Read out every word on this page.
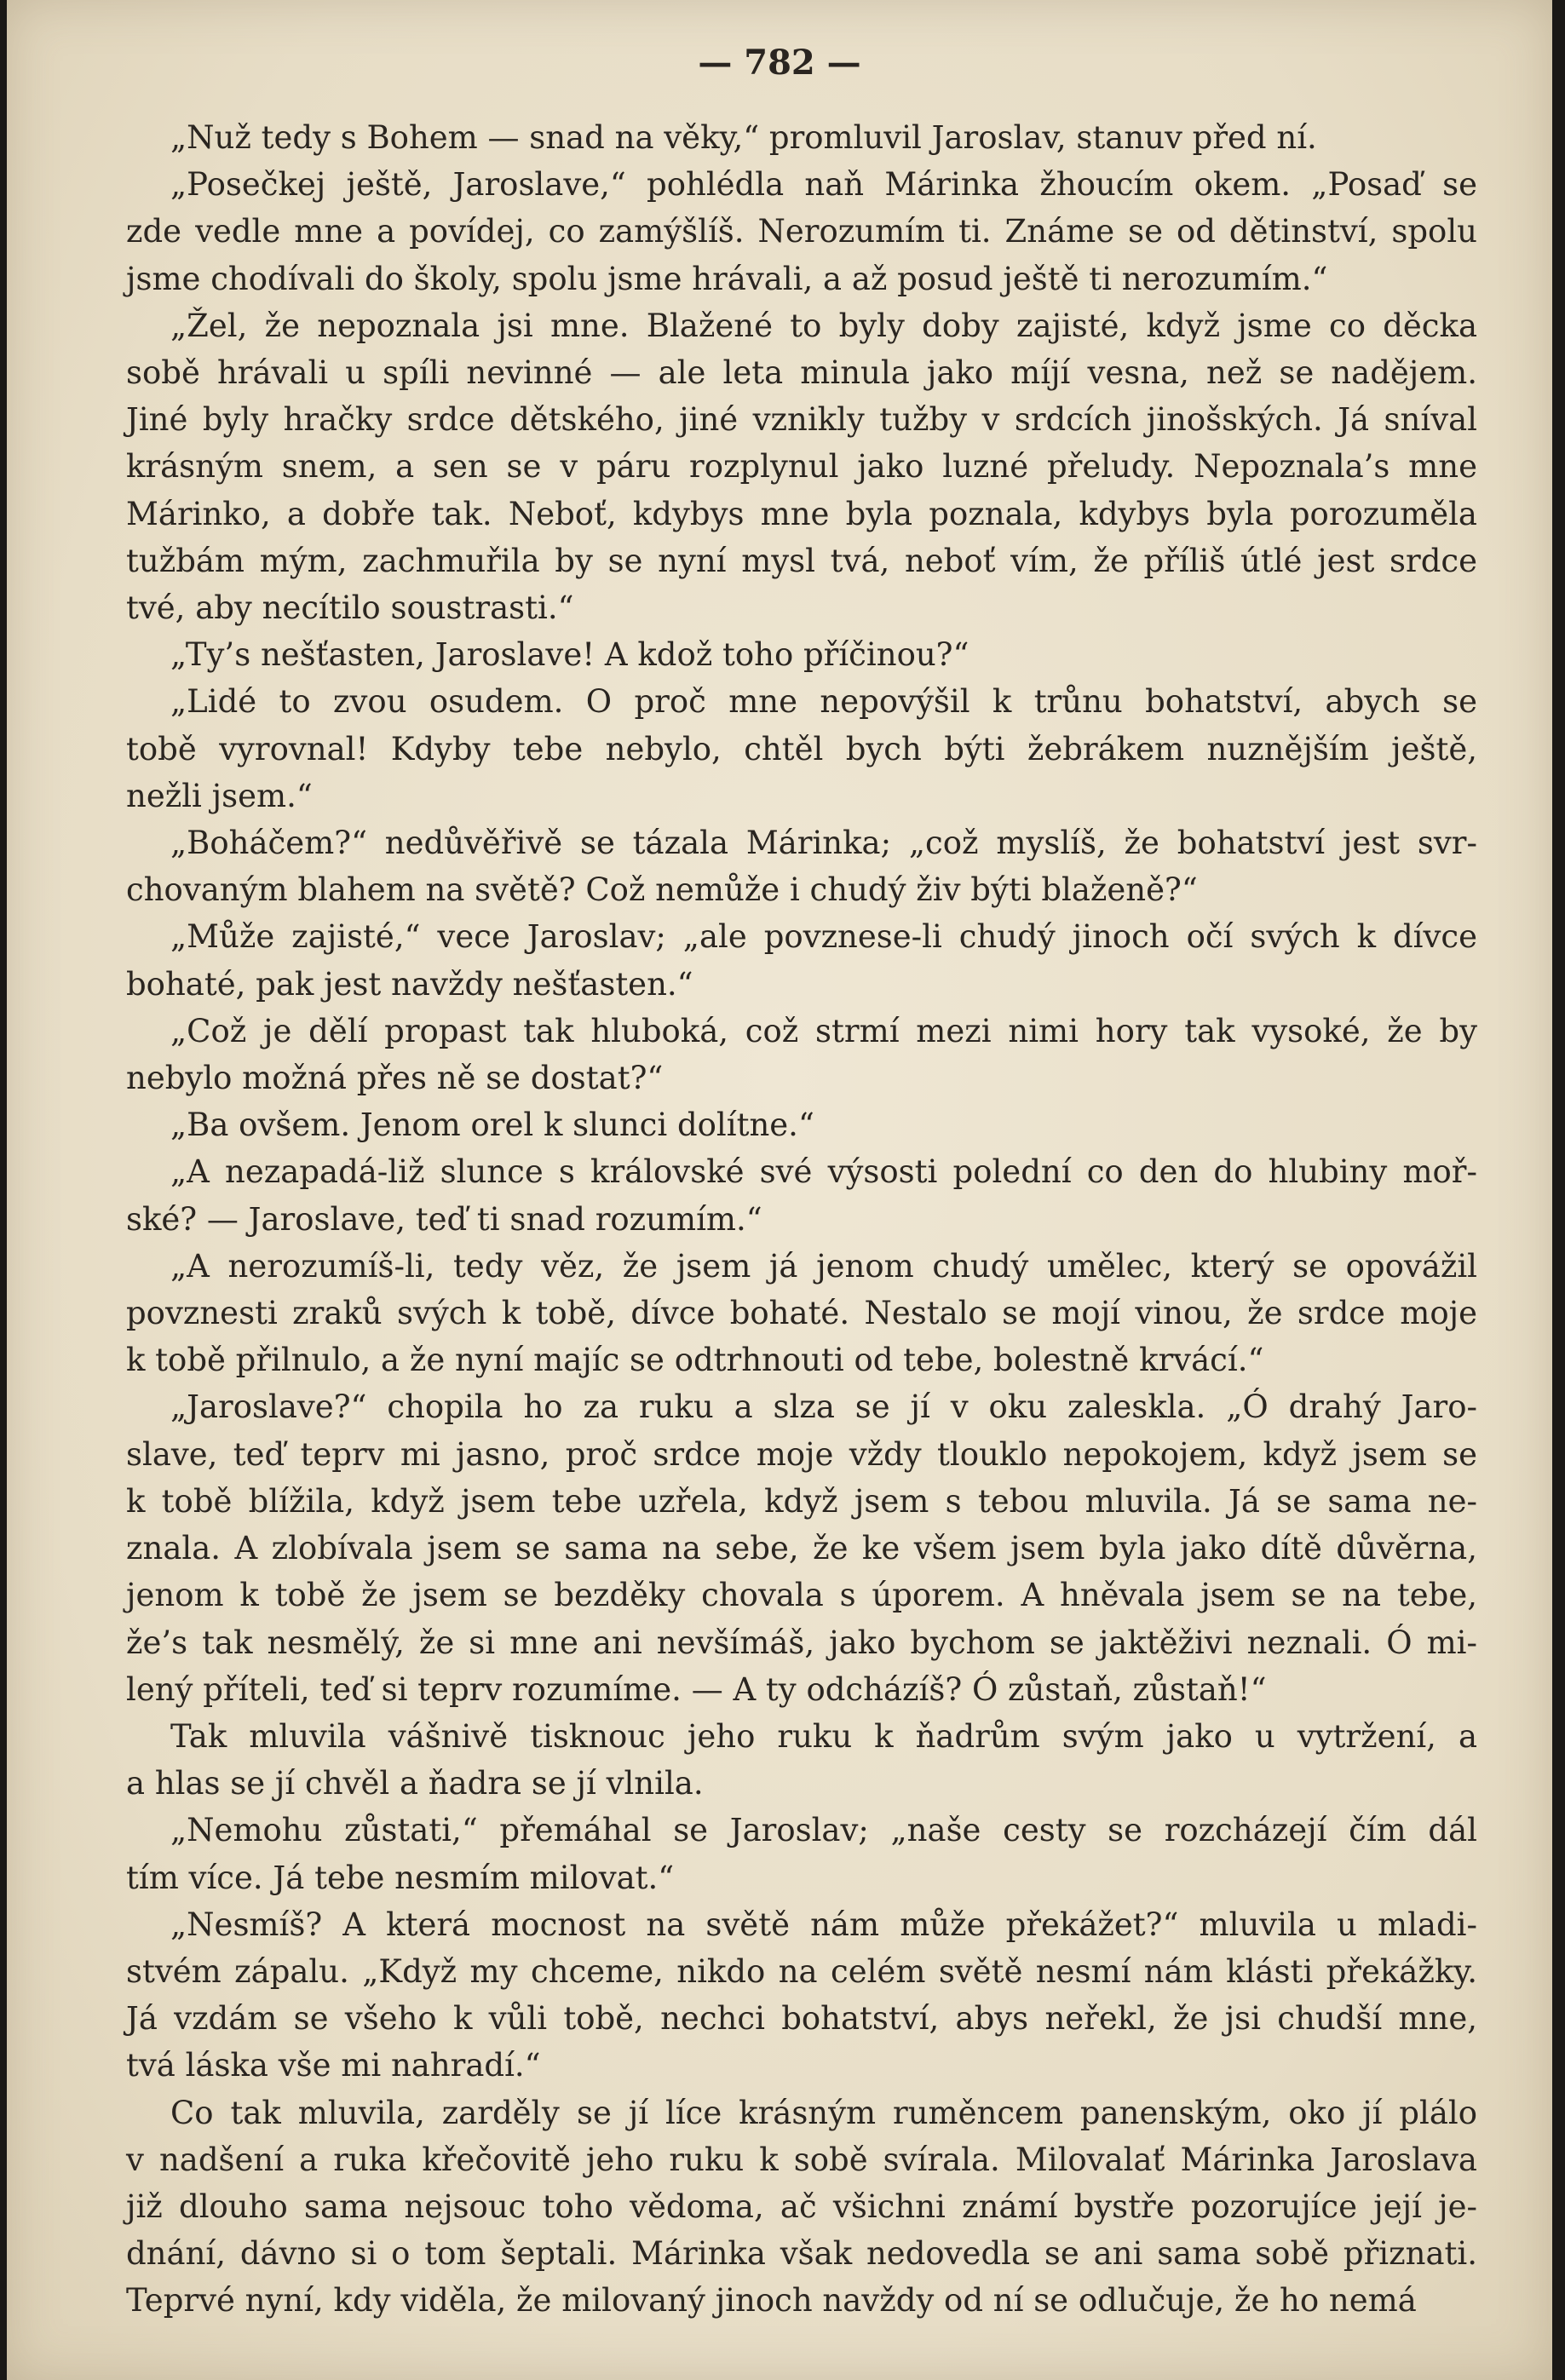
— 782 —
„Nuž tedy s Bohem — snad na věky,“ promluvil Jaroslav, stanuv před ní.
„Posečkej ještě, Jaroslave,“ pohlédla naň Márinka žhoucím okem. „Posaď se
zde vedle mne a povídej, co zamýšlíš. Nerozumím ti. Známe se od dětinství, spolu
jsme chodívali do školy, spolu jsme hrávali, a až posud ještě ti nerozumím.“
„Žel, že nepoznala jsi mne. Blažené to byly doby zajisté, když jsme co děcka
sobě hrávali u spíli nevinné — ale leta minula jako míjí vesna, než se nadějem.
Jiné byly hračky srdce dětského, jiné vznikly tužby v srdcích jinošských. Já sníval
krásným snem, a sen se v páru rozplynul jako luzné přeludy. Nepoznala’s mne
Márinko, a dobře tak. Neboť, kdybys mne byla poznala, kdybys byla porozuměla
tužbám mým, zachmuřila by se nyní mysl tvá, neboť vím, že příliš útlé jest srdce
tvé, aby necítilo soustrasti.“
„Ty’s nešťasten, Jaroslave! A kdož toho příčinou?“
„Lidé to zvou osudem. O proč mne nepovýšil k trůnu bohatství, abych se
tobě vyrovnal! Kdyby tebe nebylo, chtěl bych býti žebrákem nuznějším ještě,
nežli jsem.“
„Boháčem?“ nedůvěřivě se tázala Márinka; „což myslíš, že bohatství jest svr-
chovaným blahem na světě? Což nemůže i chudý živ býti blaženě?“
„Může zajisté,“ vece Jaroslav; „ale povznese-li chudý jinoch očí svých k dívce
bohaté, pak jest navždy nešťasten.“
„Což je dělí propast tak hluboká, což strmí mezi nimi hory tak vysoké, že by
nebylo možná přes ně se dostat?“
„Ba ovšem. Jenom orel k slunci dolítne.“
„A nezapadá-liž slunce s královské své výsosti polední co den do hlubiny moř-
ské? — Jaroslave, teď ti snad rozumím.“
„A nerozumíš-li, tedy věz, že jsem já jenom chudý umělec, který se opovážil
povznesti zraků svých k tobě, dívce bohaté. Nestalo se mojí vinou, že srdce moje
k tobě přilnulo, a že nyní majíc se odtrhnouti od tebe, bolestně krvácí.“
„Jaroslave?“ chopila ho za ruku a slza se jí v oku zaleskla. „Ó drahý Jaro-
slave, teď teprv mi jasno, proč srdce moje vždy tlouklo nepokojem, když jsem se
k tobě blížila, když jsem tebe uzřela, když jsem s tebou mluvila. Já se sama ne-
znala. A zlobívala jsem se sama na sebe, že ke všem jsem byla jako dítě důvěrna,
jenom k tobě že jsem se bezděky chovala s úporem. A hněvala jsem se na tebe,
že’s tak nesmělý, že si mne ani nevšímáš, jako bychom se jaktěživi neznali. Ó mi-
lený příteli, teď si teprv rozumíme. — A ty odcházíš? Ó zůstaň, zůstaň!“
Tak mluvila vášnivě tisknouc jeho ruku k ňadrům svým jako u vytržení, a
a hlas se jí chvěl a ňadra se jí vlnila.
„Nemohu zůstati,“ přemáhal se Jaroslav; „naše cesty se rozcházejí čím dál
tím více. Já tebe nesmím milovat.“
„Nesmíš? A která mocnost na světě nám může překážet?“ mluvila u mladi-
stvém zápalu. „Když my chceme, nikdo na celém světě nesmí nám klásti překážky.
Já vzdám se všeho k vůli tobě, nechci bohatství, abys neřekl, že jsi chudší mne,
tvá láska vše mi nahradí.“
Co tak mluvila, zardělу se jí líce krásným ruměncem panenským, oko jí plálo
v nadšení a ruka křečovitě jeho ruku k sobě svírala. Milovalať Márinka Jaroslava
již dlouho sama nejsouc toho vědoma, ač všichni známí bystře pozorujíce její je-
dnání, dávno si o tom šeptali. Márinka však nedovedla se ani sama sobě přiznati.
Teprvé nyní, kdy viděla, že milovaný jinoch navždy od ní se odlučuje, že ho nemá
